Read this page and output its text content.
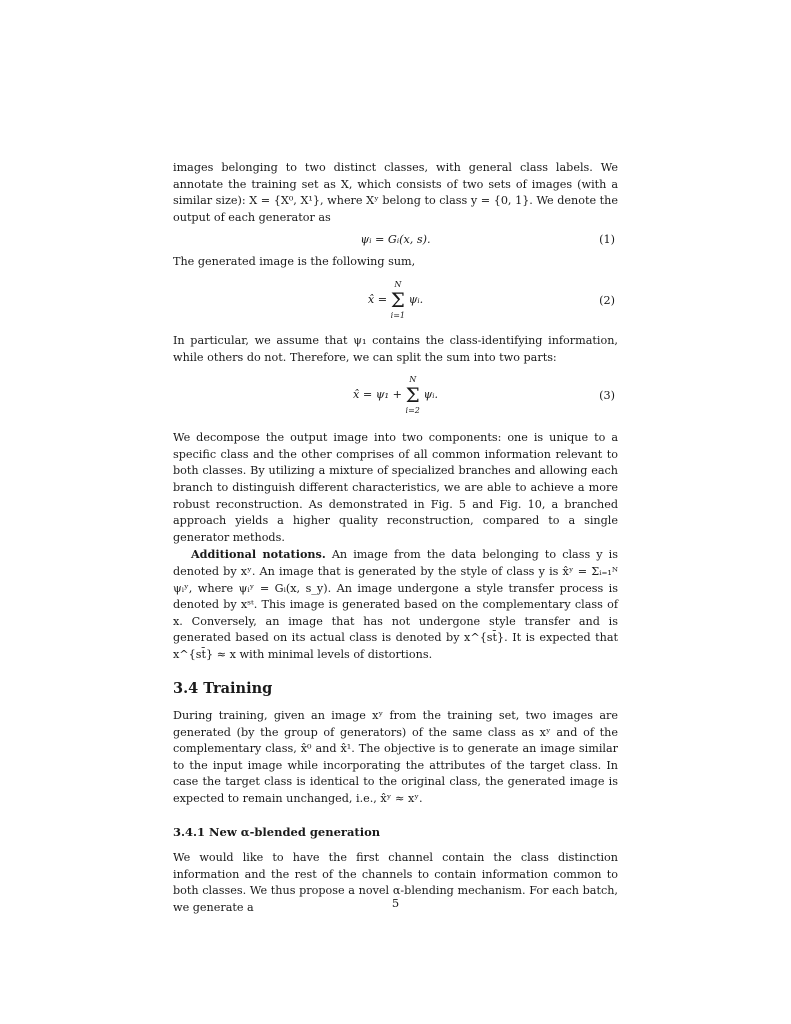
images belonging to two distinct classes, with general class labels. We annotate the training set as X, which consists of two sets of images (with a similar size): X = {X⁰, X¹}, where Xʸ belong to class y = {0, 1}. We denote the output of each generator as

ψᵢ = Gᵢ(x, s).	(1)

The generated image is the following sum,

x̂ =
N
Σ
i=1
ψᵢ.	(2)

In particular, we assume that ψ₁ contains the class-identifying information, while others do not. Therefore, we can split the sum into two parts:

x̂ = ψ₁ +
N
Σ
i=2
ψᵢ.	(3)

We decompose the output image into two components: one is unique to a specific class and the other comprises of all common information relevant to both classes. By utilizing a mixture of specialized branches and allowing each branch to distinguish different characteristics, we are able to achieve a more robust reconstruction. As demonstrated in Fig. 5 and Fig. 10, a branched approach yields a higher quality reconstruction, compared to a single generator methods.

Additional notations. An image from the data belonging to class y is denoted by xʸ. An image that is generated by the style of class y is x̂ʸ = Σᵢ₌₁ᴺ ψᵢʸ, where ψᵢʸ = Gᵢ(x, s_y). An image undergone a style transfer process is denoted by xˢᵗ. This image is generated based on the complementary class of x. Conversely, an image that has not undergone style transfer and is generated based on its actual class is denoted by x^{st̄}. It is expected that x^{st̄} ≈ x with minimal levels of distortions.

3.4 Training

During training, given an image xʸ from the training set, two images are generated (by the group of generators) of the same class as xʸ and of the complementary class, x̂⁰ and x̂¹. The objective is to generate an image similar to the input image while incorporating the attributes of the target class. In case the target class is identical to the original class, the generated image is expected to remain unchanged, i.e., x̂ʸ ≈ xʸ.

3.4.1 New α-blended generation

We would like to have the first channel contain the class distinction information and the rest of the channels to contain information common to both classes. We thus propose a novel α-blending mechanism. For each batch, we generate a	5
